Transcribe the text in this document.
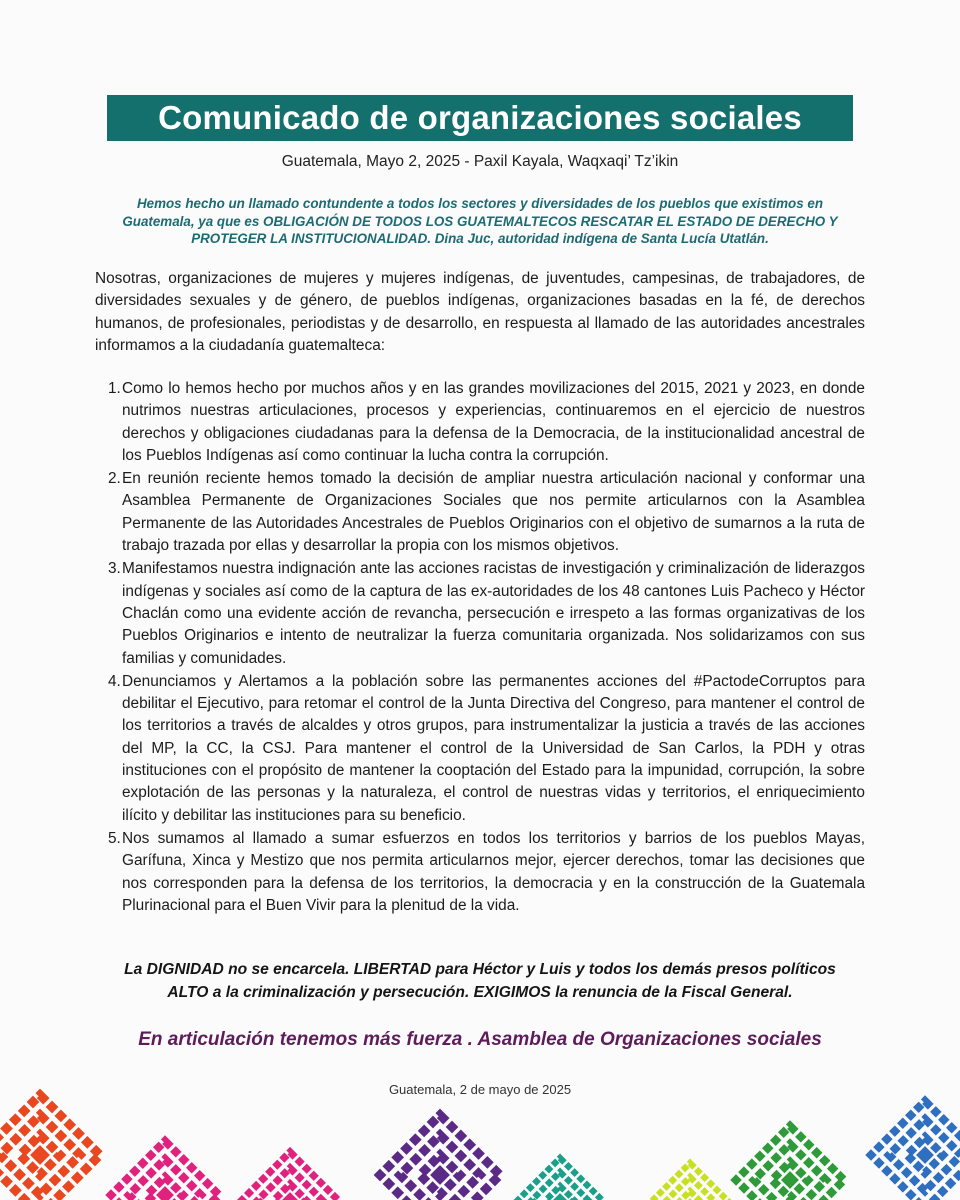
Comunicado de organizaciones sociales
Guatemala, Mayo 2, 2025 - Paxil Kayala, Waqxaqi’ Tz’ikin
Hemos hecho un llamado contundente a todos los sectores y diversidades de los pueblos que existimos en Guatemala, ya que es OBLIGACIÓN DE TODOS LOS GUATEMALTECOS RESCATAR EL ESTADO DE DERECHO Y PROTEGER LA INSTITUCIONALIDAD. Dina Juc, autoridad indígena de Santa Lucía Utatlán.
Nosotras, organizaciones de mujeres y mujeres indígenas, de juventudes, campesinas, de trabajadores, de diversidades sexuales y de género, de pueblos indígenas, organizaciones basadas en la fé, de derechos humanos, de profesionales, periodistas y de desarrollo, en respuesta al llamado de las autoridades ancestrales informamos a la ciudadanía guatemalteca:
1. Como lo hemos hecho por muchos años y en las grandes movilizaciones del 2015, 2021 y 2023, en donde nutrimos nuestras articulaciones, procesos y experiencias, continuaremos en el ejercicio de nuestros derechos y obligaciones ciudadanas para la defensa de la Democracia, de la institucionalidad ancestral de los Pueblos Indígenas así como continuar la lucha contra la corrupción.
2. En reunión reciente hemos tomado la decisión de ampliar nuestra articulación nacional y conformar una Asamblea Permanente de Organizaciones Sociales que nos permite articularnos con la Asamblea Permanente de las Autoridades Ancestrales de Pueblos Originarios con el objetivo de sumarnos a la ruta de trabajo trazada por ellas y desarrollar la propia con los mismos objetivos.
3. Manifestamos nuestra indignación ante las acciones racistas de investigación y criminalización de liderazgos indígenas y sociales así como de la captura de las ex-autoridades de los 48 cantones Luis Pacheco y Héctor Chaclán como una evidente acción de revancha, persecución e irrespeto a las formas organizativas de los Pueblos Originarios e intento de neutralizar la fuerza comunitaria organizada. Nos solidarizamos con sus familias y comunidades.
4. Denunciamos y Alertamos a la población sobre las permanentes acciones del #PactodeCorruptos para debilitar el Ejecutivo, para retomar el control de la Junta Directiva del Congreso, para mantener el control de los territorios a través de alcaldes y otros grupos, para instrumentalizar la justicia a través de las acciones del MP, la CC, la CSJ. Para mantener el control de la Universidad de San Carlos, la PDH y otras instituciones con el propósito de mantener la cooptación del Estado para la impunidad, corrupción, la sobre explotación de las personas y la naturaleza, el control de nuestras vidas y territorios, el enriquecimiento ilícito y debilitar las instituciones para su beneficio.
5. Nos sumamos al llamado a sumar esfuerzos en todos los territorios y barrios de los pueblos Mayas, Garífuna, Xinca y Mestizo que nos permita articularnos mejor, ejercer derechos, tomar las decisiones que nos corresponden para la defensa de los territorios, la democracia y en la construcción de la Guatemala Plurinacional para el Buen Vivir para la plenitud de la vida.
La DIGNIDAD no se encarcela. LIBERTAD para Héctor y Luis y todos los demás presos políticos
ALTO a la criminalización y persecución. EXIGIMOS la renuncia de la Fiscal General.
En articulación tenemos más fuerza . Asamblea de Organizaciones sociales
Guatemala, 2 de mayo de 2025
